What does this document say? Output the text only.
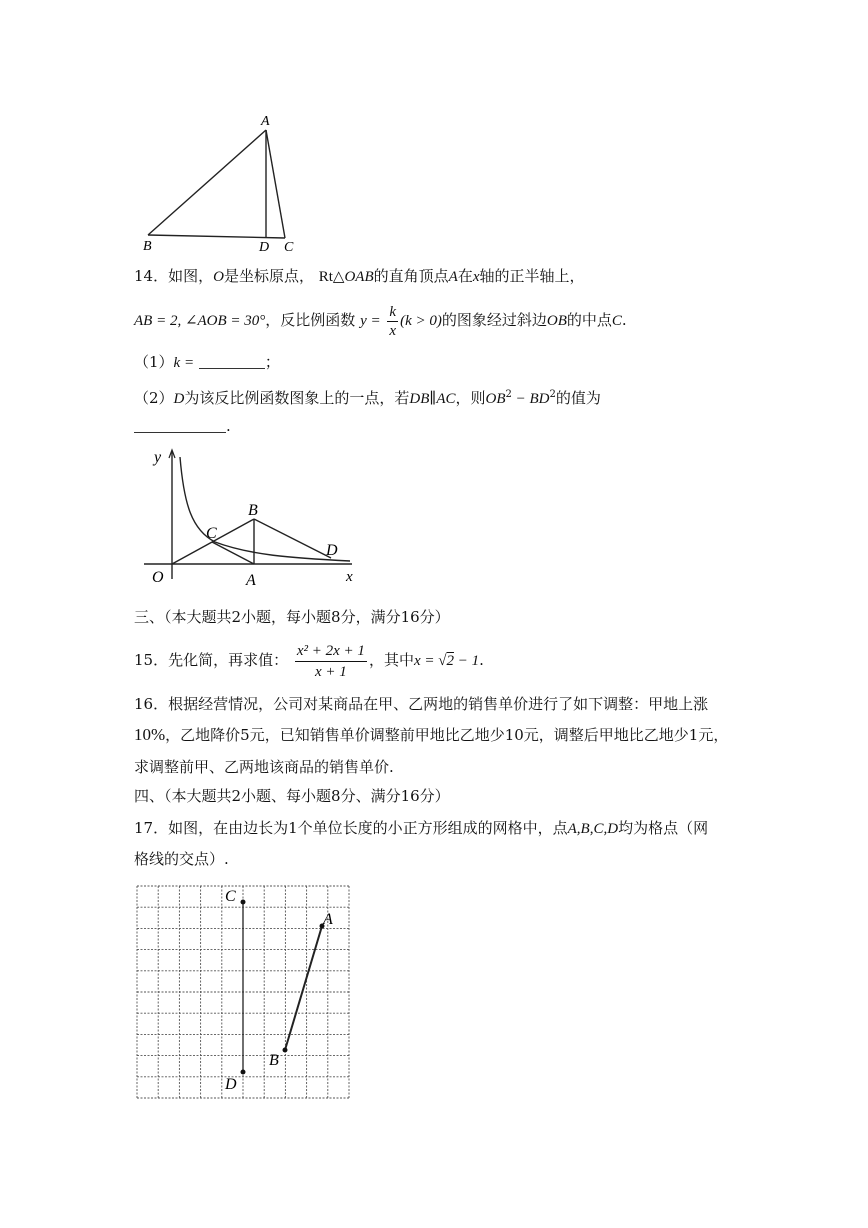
A
B	D C
14．如图，O是坐标原点， Rt△OAB的直角顶点A在x轴的正半轴上，
AB = 2, ∠AOB = 30°，反比例函数 $y = \frac{k}{x} (k > 0)$的图象经过斜边OB的中点C.
（1）k =	；
（2）D为该反比例函数图象上的一点，若DB∥AC，则$OB^2 - BD^2$的值为
.
y
x
O	A
B
C
D
三、（本大题共2小题，每小题8分，满分16分）
15．先化简，再求值： $\frac{\text{x² + 2x + 1}}{x + 1}$ ，其中x = √2 − 1.
16．根据经营情况，公司对某商品在甲、乙两地的销售单价进行了如下调整：甲地上涨
10%，乙地降价5元，已知销售单价调整前甲地比乙地少10元，调整后甲地比乙地少1元，
求调整前甲、乙两地该商品的销售单价.
四、（本大题共2小题、每小题8分、满分16分）
17．如图，在由边长为1个单位长度的小正方形组成的网格中，点A,B,C,D均为格点（网
格线的交点）.
A
B
C
D
